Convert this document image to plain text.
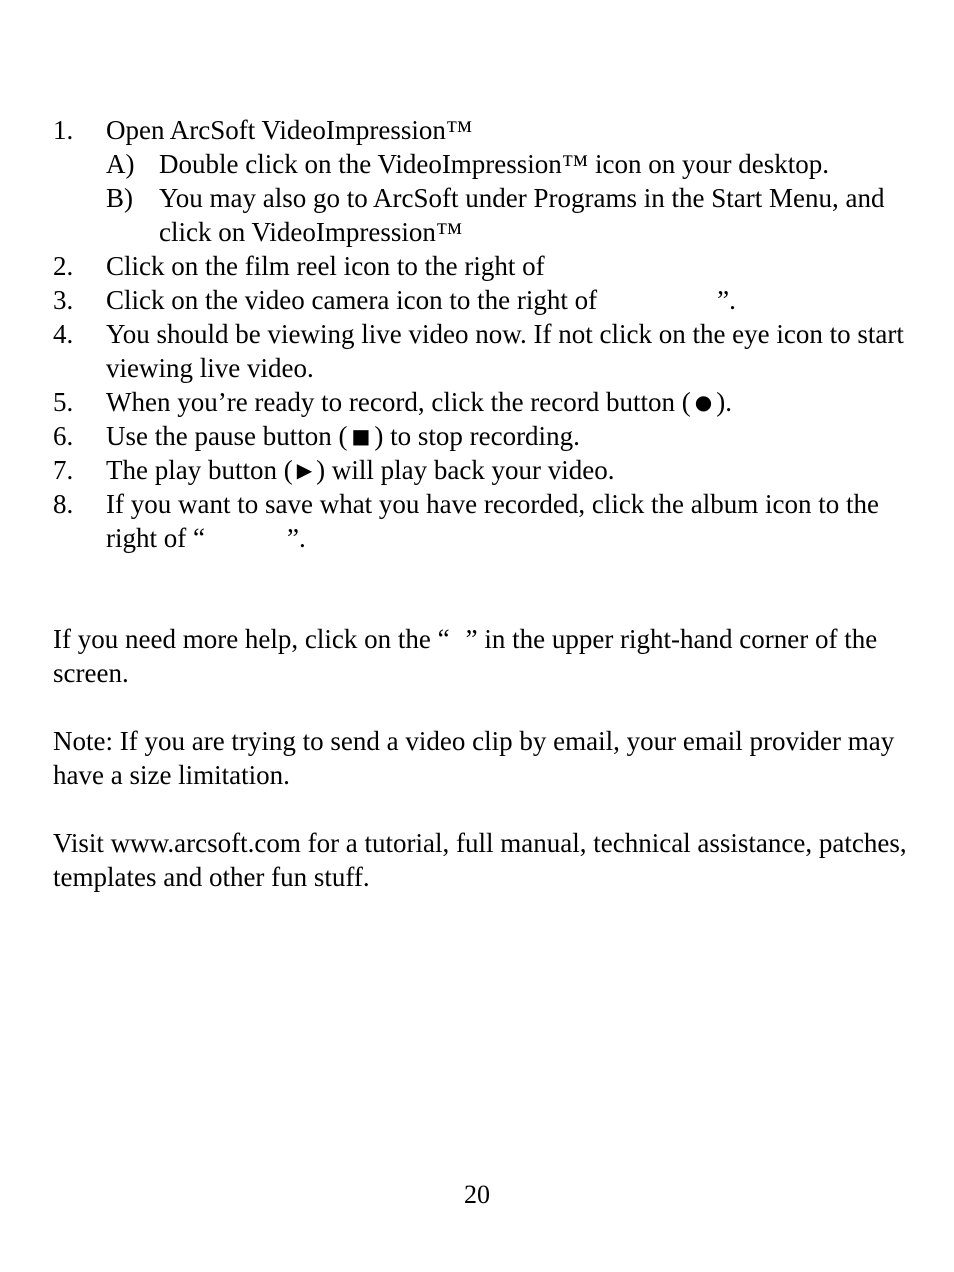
1. Open ArcSoft VideoImpression™
A) Double click on the VideoImpression™ icon on your desktop.
B) You may also go to ArcSoft under Programs in the Start Menu, and click on VideoImpression™
2. Click on the film reel icon to the right of
3. Click on the video camera icon to the right of	”.
4. You should be viewing live video now. If not click on the eye icon to start viewing live video.
5. When you’re ready to record, click the record button ( ● ).
6. Use the pause button ( ■ ) to stop recording.
7. The play button ( ▶ ) will play back your video.
8. If you want to save what you have recorded, click the album icon to the right of “	”.

If you need more help, click on the “ ” in the upper right-hand corner of the screen.

Note: If you are trying to send a video clip by email, your email provider may have a size limitation.

Visit www.arcsoft.com for a tutorial, full manual, technical assistance, patches, templates and other fun stuff.

20
